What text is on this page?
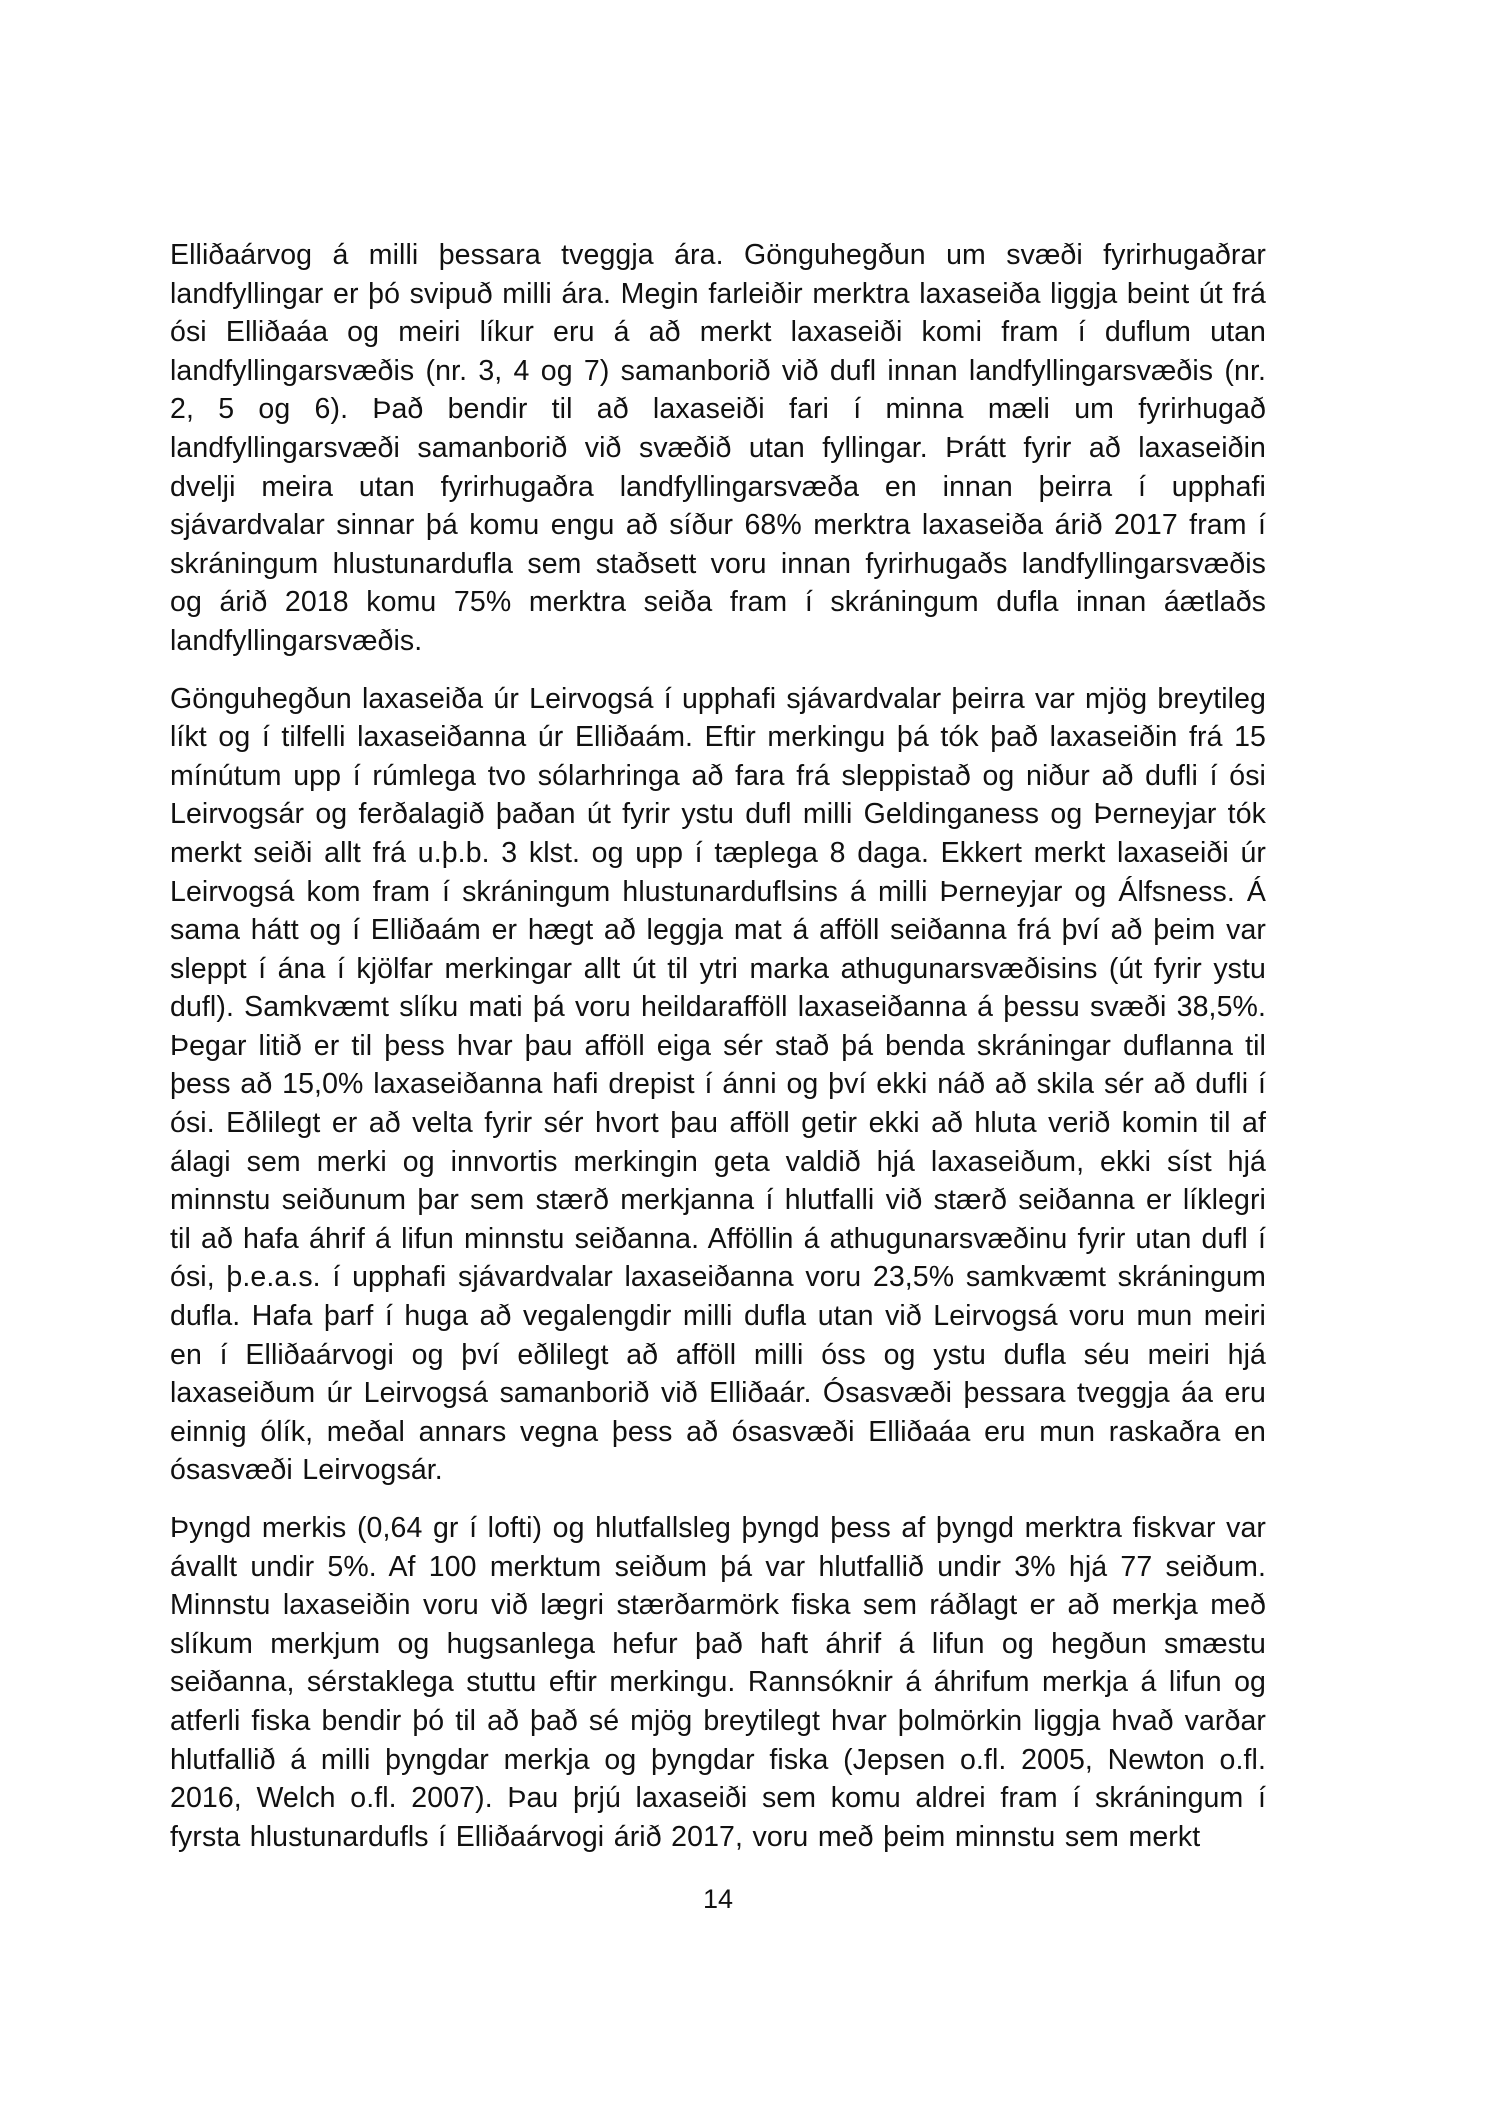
Elliðaárvog á milli þessara tveggja ára. Gönguhegðun um svæði fyrirhugaðrar landfyllingar er þó svipuð milli ára. Megin farleiðir merktra laxaseiða liggja beint út frá ósi Elliðaáa og meiri líkur eru á að merkt laxaseiði komi fram í duflum utan landfyllingarsvæðis (nr. 3, 4 og 7) samanborið við dufl innan landfyllingarsvæðis (nr. 2, 5 og 6). Það bendir til að laxaseiði fari í minna mæli um fyrirhugað landfyllingarsvæði samanborið við svæðið utan fyllingar. Þrátt fyrir að laxaseiðin dvelji meira utan fyrirhugaðra landfyllingarsvæða en innan þeirra í upphafi sjávardvalar sinnar þá komu engu að síður 68% merktra laxaseiða árið 2017 fram í skráningum hlustunardufla sem staðsett voru innan fyrirhugaðs landfyllingarsvæðis og árið 2018 komu 75% merktra seiða fram í skráningum dufla innan áætlaðs landfyllingarsvæðis.

Gönguhegðun laxaseiða úr Leirvogsá í upphafi sjávardvalar þeirra var mjög breytileg líkt og í tilfelli laxaseiðanna úr Elliðaám. Eftir merkingu þá tók það laxaseiðin frá 15 mínútum upp í rúmlega tvo sólarhringa að fara frá sleppistað og niður að dufli í ósi Leirvogsár og ferðalagið þaðan út fyrir ystu dufl milli Geldinganess og Þerneyjar tók merkt seiði allt frá u.þ.b. 3 klst. og upp í tæplega 8 daga. Ekkert merkt laxaseiði úr Leirvogsá kom fram í skráningum hlustunarduflsins á milli Þerneyjar og Álfsness. Á sama hátt og í Elliðaám er hægt að leggja mat á afföll seiðanna frá því að þeim var sleppt í ána í kjölfar merkingar allt út til ytri marka athugunarsvæðisins (út fyrir ystu dufl). Samkvæmt slíku mati þá voru heildarafföll laxaseiðanna á þessu svæði 38,5%. Þegar litið er til þess hvar þau afföll eiga sér stað þá benda skráningar duflanna til þess að 15,0% laxaseiðanna hafi drepist í ánni og því ekki náð að skila sér að dufli í ósi. Eðlilegt er að velta fyrir sér hvort þau afföll getir ekki að hluta verið komin til af álagi sem merki og innvortis merkingin geta valdið hjá laxaseiðum, ekki síst hjá minnstu seiðunum þar sem stærð merkjanna í hlutfalli við stærð seiðanna er líklegri til að hafa áhrif á lifun minnstu seiðanna. Afföllin á athugunarsvæðinu fyrir utan dufl í ósi, þ.e.a.s. í upphafi sjávardvalar laxaseiðanna voru 23,5% samkvæmt skráningum dufla. Hafa þarf í huga að vegalengdir milli dufla utan við Leirvogsá voru mun meiri en í Elliðaárvogi og því eðlilegt að afföll milli óss og ystu dufla séu meiri hjá laxaseiðum úr Leirvogsá samanborið við Elliðaár. Ósasvæði þessara tveggja áa eru einnig ólík, meðal annars vegna þess að ósasvæði Elliðaáa eru mun raskaðra en ósasvæði Leirvogsár.

Þyngd merkis (0,64 gr í lofti) og hlutfallsleg þyngd þess af þyngd merktra fiskvar var ávallt undir 5%. Af 100 merktum seiðum þá var hlutfallið undir 3% hjá 77 seiðum. Minnstu laxaseiðin voru við lægri stærðarmörk fiska sem ráðlagt er að merkja með slíkum merkjum og hugsanlega hefur það haft áhrif á lifun og hegðun smæstu seiðanna, sérstaklega stuttu eftir merkingu. Rannsóknir á áhrifum merkja á lifun og atferli fiska bendir þó til að það sé mjög breytilegt hvar þolmörkin liggja hvað varðar hlutfallið á milli þyngdar merkja og þyngdar fiska (Jepsen o.fl. 2005, Newton o.fl. 2016, Welch o.fl. 2007). Þau þrjú laxaseiði sem komu aldrei fram í skráningum í fyrsta hlustunardufls í Elliðaárvogi árið 2017, voru með þeim minnstu sem merkt

14
